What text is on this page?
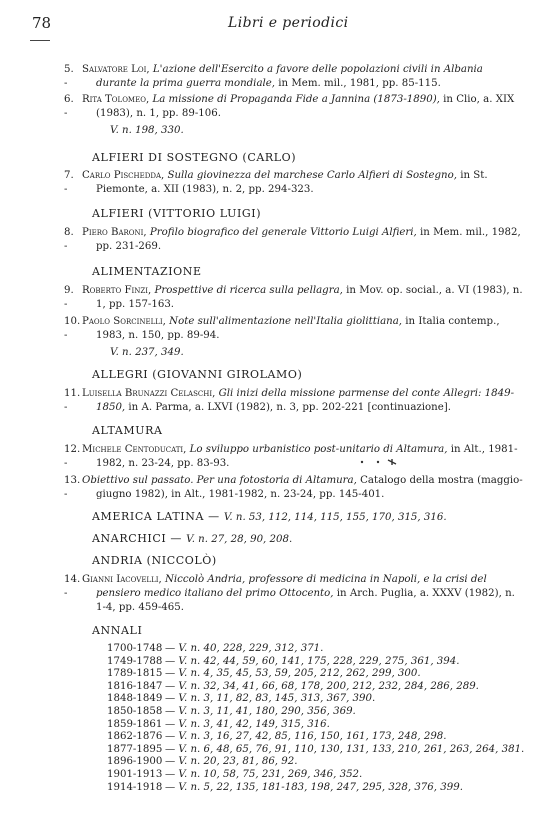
78	Libri e periodici
5. -
Salvatore Loi, L'azione dell'Esercito a favore delle popolazioni civili in Albania durante la prima guerra mondiale, in Mem. mil., 1981, pp. 85-115.
6. -
Rita Tolomeo, La missione di Propaganda Fide a Jannina (1873-1890), in Clio, a. XIX (1983), n. 1, pp. 89-106.
V. n. 198, 330.
ALFIERI DI SOSTEGNO (CARLO)
7. -
Carlo Pischedda, Sulla giovinezza del marchese Carlo Alfieri di Sostegno, in St. Piemonte, a. XII (1983), n. 2, pp. 294-323.
ALFIERI (VITTORIO LUIGI)
8. -
Piero Baroni, Profilo biografico del generale Vittorio Luigi Alfieri, in Mem. mil., 1982, pp. 231-269.
ALIMENTAZIONE
9. -
Roberto Finzi, Prospettive di ricerca sulla pellagra, in Mov. op. social., a. VI (1983), n. 1, pp. 157-163.
10. -
Paolo Sorcinelli, Note sull'alimentazione nell'Italia giolittiana, in Italia contemp., 1983, n. 150, pp. 89-94.
V. n. 237, 349.
ALLEGRI (GIOVANNI GIROLAMO)
11. -
Luisella Brunazzi Celaschi, Gli inizi della missione parmense del conte Allegri: 1849-1850, in A. Parma, a. LXVI (1982), n. 3, pp. 202-221 [continuazione].
ALTAMURA
12. -
Michele Centoducati, Lo sviluppo urbanistico post-unitario di Altamura, in Alt., 1981-1982, n. 23-24, pp. 83-93.
13. -
Obiettivo sul passato. Per una fotostoria di Altamura, Catalogo della mostra (maggio-giugno 1982), in Alt., 1981-1982, n. 23-24, pp. 145-401.
AMERICA LATINA — V. n. 53, 112, 114, 115, 155, 170, 315, 316.
ANARCHICI — V. n. 27, 28, 90, 208.
ANDRIA (NICCOLÒ)
14. -
Gianni Iacovelli, Niccolò Andria, professore di medicina in Napoli, e la crisi del pensiero medico italiano del primo Ottocento, in Arch. Puglia, a. XXXV (1982), n. 1-4, pp. 459-465.
ANNALI
1700-1748 — V. n. 40, 228, 229, 312, 371.
1749-1788 — V. n. 42, 44, 59, 60, 141, 175, 228, 229, 275, 361, 394.
1789-1815 — V. n. 4, 35, 45, 53, 59, 205, 212, 262, 299, 300.
1816-1847 — V. n. 32, 34, 41, 66, 68, 178, 200, 212, 232, 284, 286, 289.
1848-1849 — V. n. 3, 11, 82, 83, 145, 313, 367, 390.
1850-1858 — V. n. 3, 11, 41, 180, 290, 356, 369.
1859-1861 — V. n. 3, 41, 42, 149, 315, 316.
1862-1876 — V. n. 3, 16, 27, 42, 85, 116, 150, 161, 173, 248, 298.
1877-1895 — V. n. 6, 48, 65, 76, 91, 110, 130, 131, 133, 210, 261, 263, 264, 381.
1896-1900 — V. n. 20, 23, 81, 86, 92.
1901-1913 — V. n. 10, 58, 75, 231, 269, 346, 352.
1914-1918 — V. n. 5, 22, 135, 181-183, 198, 247, 295, 328, 376, 399.
